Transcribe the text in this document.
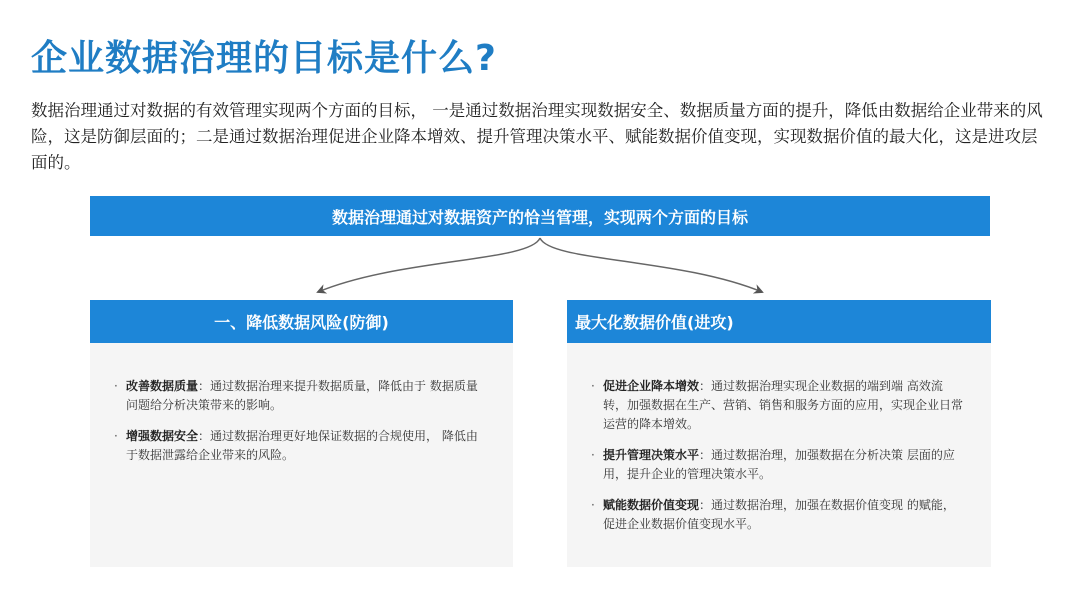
企业数据治理的目标是什么?

数据治理通过对数据的有效管理实现两个方面的目标， 一是通过数据治理实现数据安全、数据质量方面的提升，降低由数据给企业带来的风险，这是防御层面的；二是通过数据治理促进企业降本增效、提升管理决策水平、赋能数据价值变现，实现数据价值的最大化，这是进攻层面的。

数据治理通过对数据资产的恰当管理，实现两个方面的目标
一、降低数据风险(防御)
· 改善数据质量：通过数据治理来提升数据质量，降低由于 数据质量问题给分析决策带来的影响。
· 增强数据安全：通过数据治理更好地保证数据的合规使用， 降低由于数据泄露给企业带来的风险。
最大化数据价值(进攻)
· 促进企业降本增效：通过数据治理实现企业数据的端到端 高效流转，加强数据在生产、营销、销售和服务方面的应用，实现企业日常运营的降本增效。
· 提升管理决策水平：通过数据治理，加强数据在分析决策 层面的应用，提升企业的管理决策水平。
· 赋能数据价值变现：通过数据治理，加强在数据价值变现 的赋能，促进企业数据价值变现水平。
